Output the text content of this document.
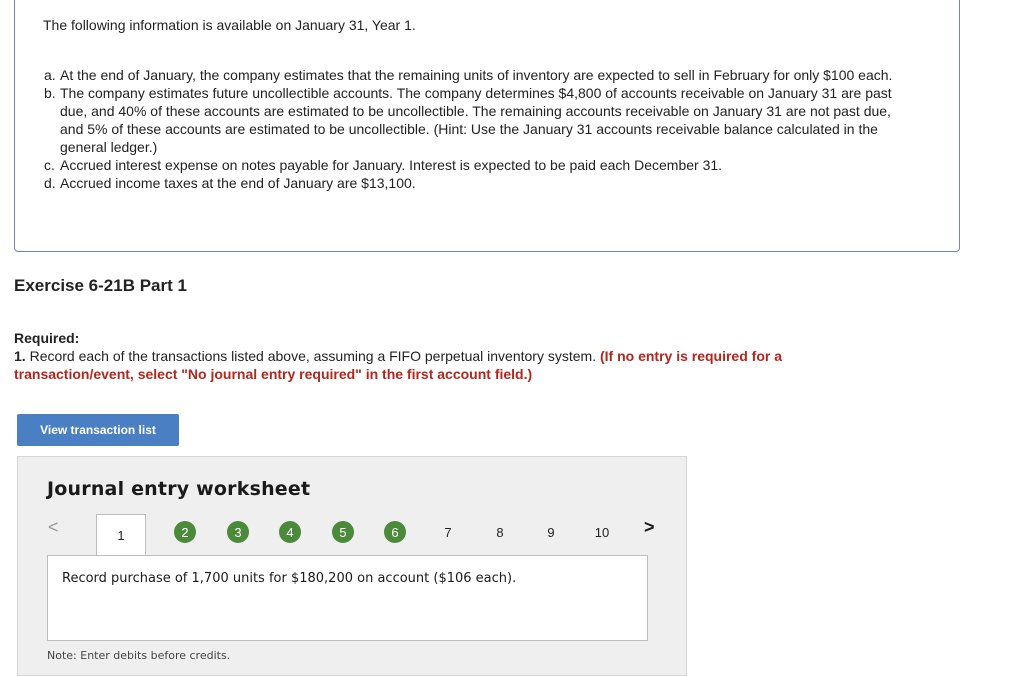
The following information is available on January 31, Year 1.
a. At the end of January, the company estimates that the remaining units of inventory are expected to sell in February for only $100 each.
b. The company estimates future uncollectible accounts. The company determines $4,800 of accounts receivable on January 31 are past due, and 40% of these accounts are estimated to be uncollectible. The remaining accounts receivable on January 31 are not past due, and 5% of these accounts are estimated to be uncollectible. (Hint: Use the January 31 accounts receivable balance calculated in the general ledger.)
c. Accrued interest expense on notes payable for January. Interest is expected to be paid each December 31.
d. Accrued income taxes at the end of January are $13,100.
Exercise 6-21B Part 1
Required:
1. Record each of the transactions listed above, assuming a FIFO perpetual inventory system. (If no entry is required for a transaction/event, select "No journal entry required" in the first account field.)
View transaction list
Journal entry worksheet
<	1	2	3	4	5	6	7	8	9	10	>
Record purchase of 1,700 units for $180,200 on account ($106 each).
Note: Enter debits before credits.
